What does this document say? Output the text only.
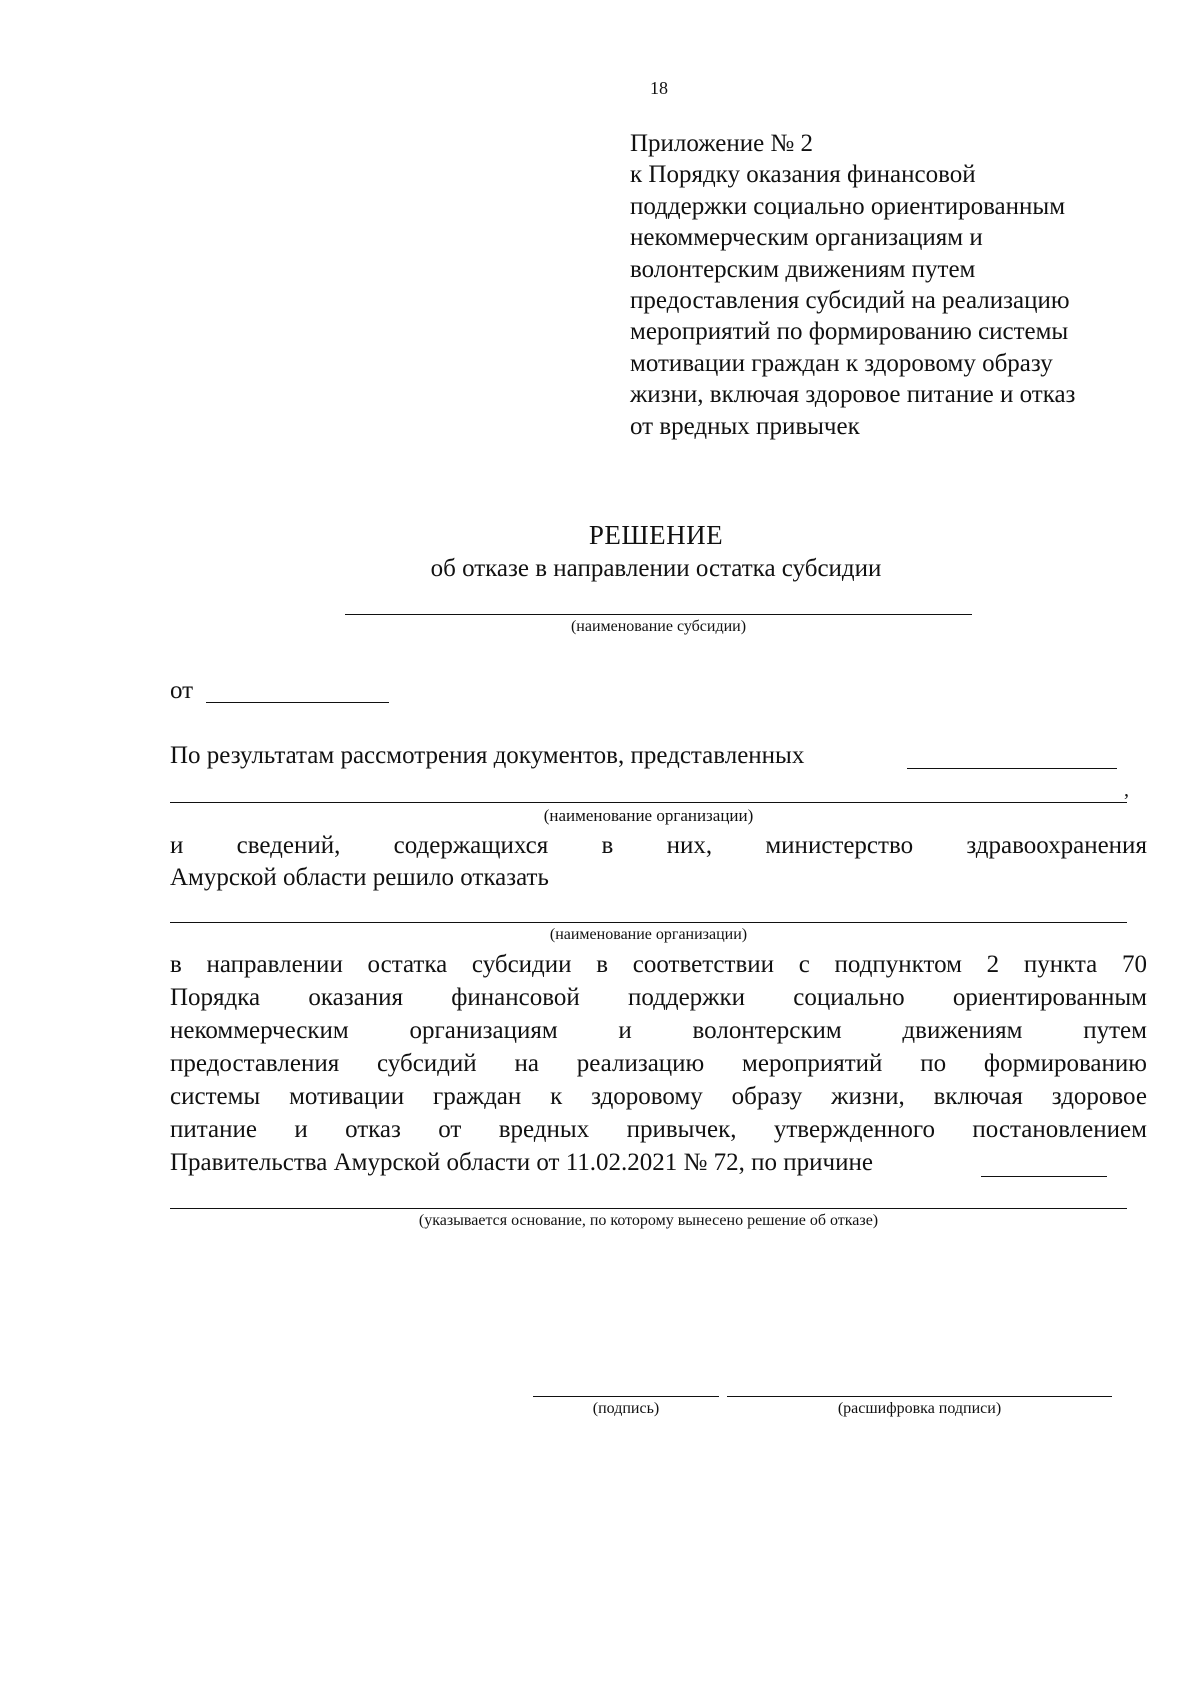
18
Приложение № 2
к Порядку оказания финансовой
поддержки социально ориентированным
некоммерческим организациям и
волонтерским движениям путем
предоставления субсидий на реализацию
мероприятий по формированию системы
мотивации граждан к здоровому образу
жизни, включая здоровое питание и отказ
от вредных привычек
РЕШЕНИЕ
об отказе в направлении остатка субсидии
(наименование субсидии)
от
По результатам рассмотрения документов, представленных
,
(наименование организации)
и сведений, содержащихся в них, министерство здравоохранения
Амурской области решило отказать
(наименование организации)
в направлении остатка субсидии в соответствии с подпунктом 2 пункта 70
Порядка оказания финансовой поддержки социально ориентированным
некоммерческим организациям и волонтерским движениям путем
предоставления субсидий на реализацию мероприятий по формированию
системы мотивации граждан к здоровому образу жизни, включая здоровое
питание и отказ от вредных привычек, утвержденного постановлением
Правительства Амурской области от 11.02.2021 № 72, по причине
(указывается основание, по которому вынесено решение об отказе)
(подпись)	(расшифровка подписи)
